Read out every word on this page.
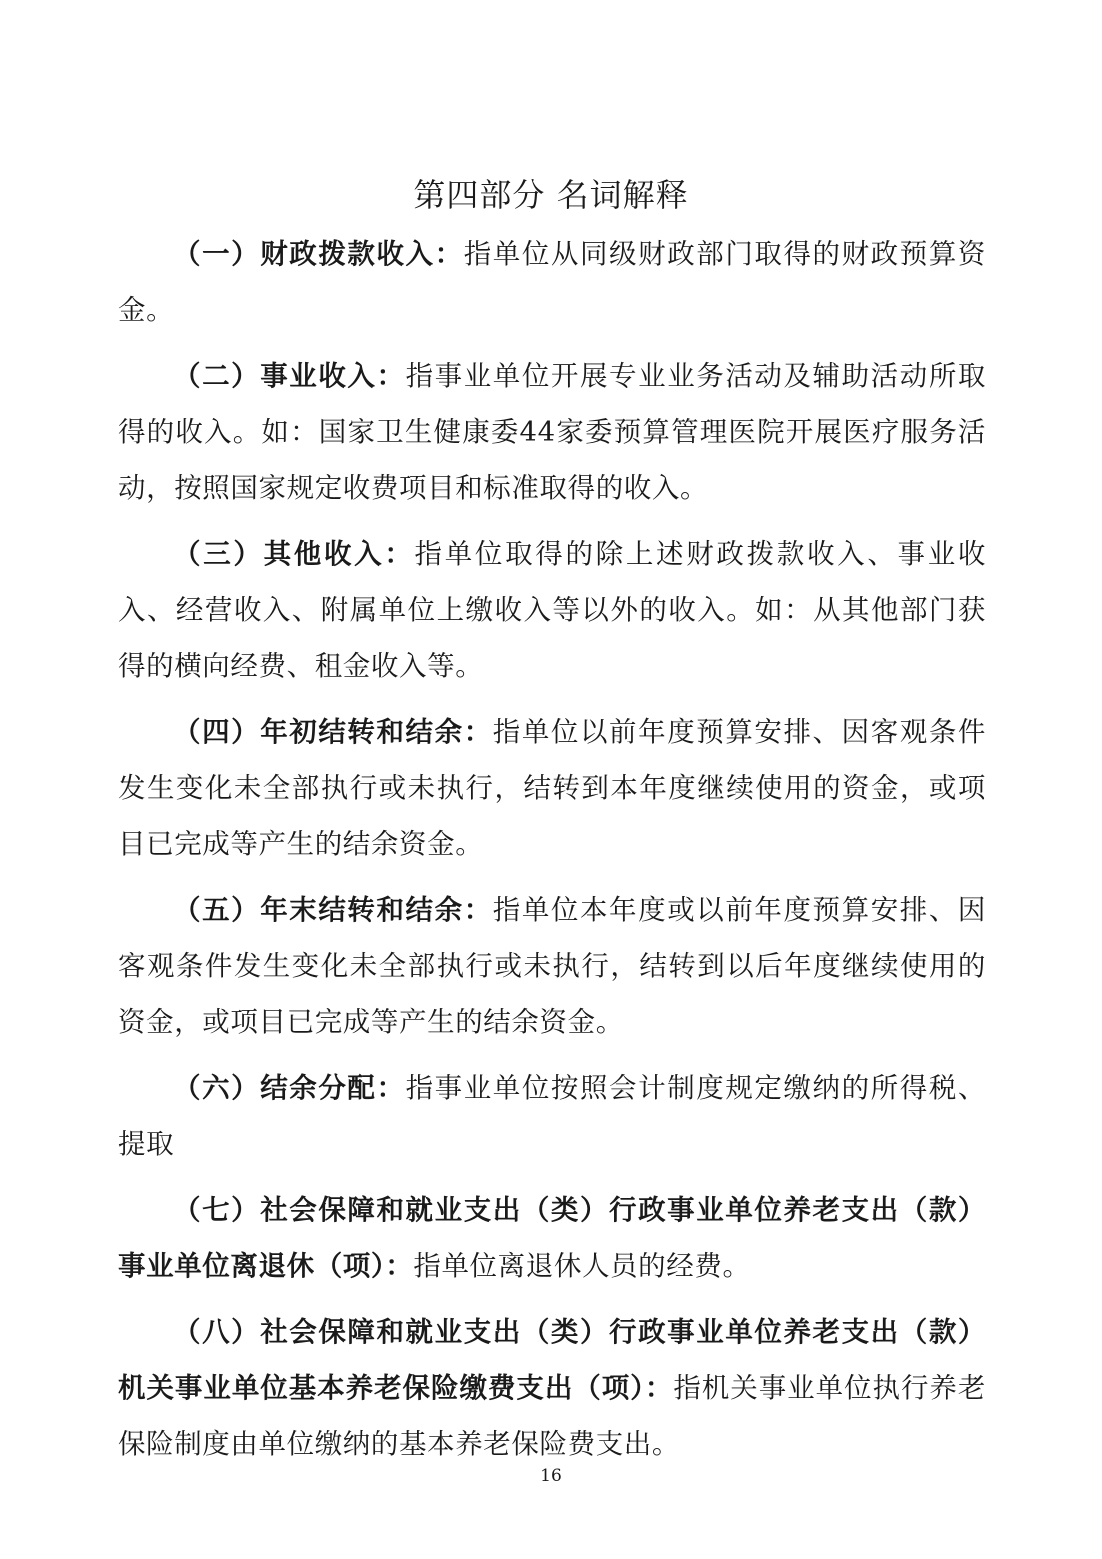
第四部分 名词解释

（一）财政拨款收入：指单位从同级财政部门取得的财政预算资金。

（二）事业收入：指事业单位开展专业业务活动及辅助活动所取得的收入。如：国家卫生健康委44家委预算管理医院开展医疗服务活动，按照国家规定收费项目和标准取得的收入。

（三）其他收入：指单位取得的除上述财政拨款收入、事业收入、经营收入、附属单位上缴收入等以外的收入。如：从其他部门获得的横向经费、租金收入等。

（四）年初结转和结余：指单位以前年度预算安排、因客观条件发生变化未全部执行或未执行，结转到本年度继续使用的资金，或项目已完成等产生的结余资金。

（五）年末结转和结余：指单位本年度或以前年度预算安排、因客观条件发生变化未全部执行或未执行，结转到以后年度继续使用的资金，或项目已完成等产生的结余资金。

（六）结余分配：指事业单位按照会计制度规定缴纳的所得税、提取

（七）社会保障和就业支出（类）行政事业单位养老支出（款）事业单位离退休（项）：指单位离退休人员的经费。

（八）社会保障和就业支出（类）行政事业单位养老支出（款）机关事业单位基本养老保险缴费支出（项）：指机关事业单位执行养老保险制度由单位缴纳的基本养老保险费支出。

16
